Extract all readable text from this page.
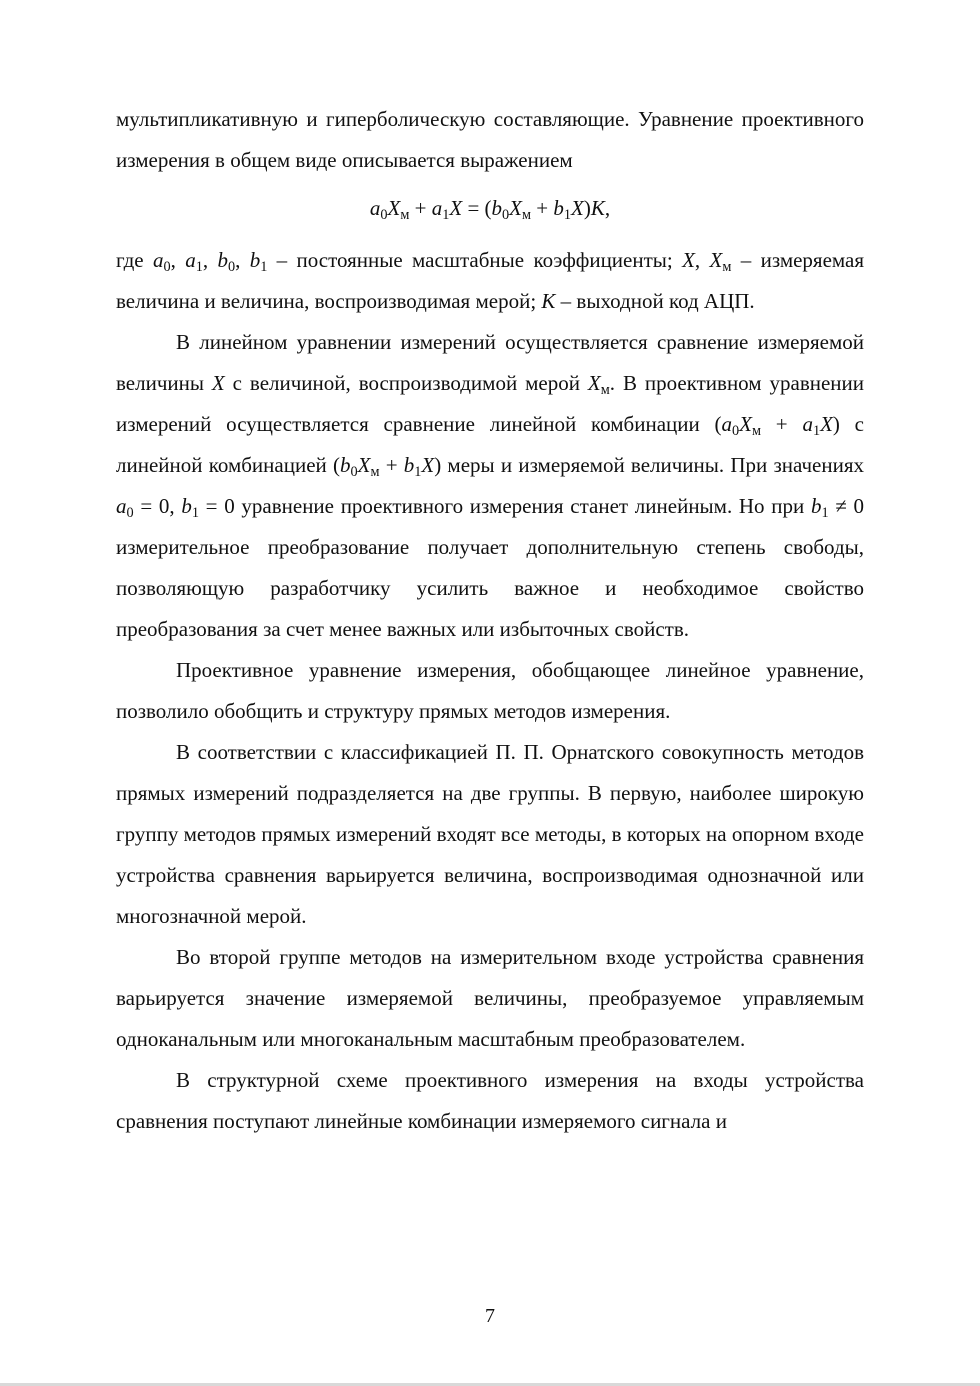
мультипликативную и гиперболическую составляющие. Уравнение проективного измерения в общем виде описывается выражением

$a_0X_м + a_1X = (b_0X_м + b_1X)K$,

где $a_0$, $a_1$, $b_0$, $b_1$ – постоянные масштабные коэффициенты; X, $X_м$ – измеряемая величина и величина, воспроизводимая мерой; K – выходной код АЦП.

В линейном уравнении измерений осуществляется сравнение измеряемой величины X с величиной, воспроизводимой мерой $X_м$. В проективном уравнении измерений осуществляется сравнение линейной комбинации $(a_0X_м + a_1X)$ с линейной комбинацией $(b_0X_м + b_1X)$ меры и измеряемой величины. При значениях $a_0 = 0$, $b_1 = 0$ уравнение проективного измерения станет линейным. Но при $b_1 \ne 0$ измерительное преобразование получает дополнительную степень свободы, позволяющую разработчику усилить важное и необходимое свойство преобразования за счет менее важных или избыточных свойств.

Проективное уравнение измерения, обобщающее линейное уравнение, позволило обобщить и структуру прямых методов измерения.

В соответствии с классификацией П. П. Орнатского совокупность методов прямых измерений подразделяется на две группы. В первую, наиболее широкую группу методов прямых измерений входят все методы, в которых на опорном входе устройства сравнения варьируется величина, воспроизводимая однозначной или многозначной мерой.

Во второй группе методов на измерительном входе устройства сравнения варьируется значение измеряемой величины, преобразуемое управляемым одноканальным или многоканальным масштабным преобразователем.

В структурной схеме проективного измерения на входы устройства сравнения поступают линейные комбинации измеряемого сигнала и

7
